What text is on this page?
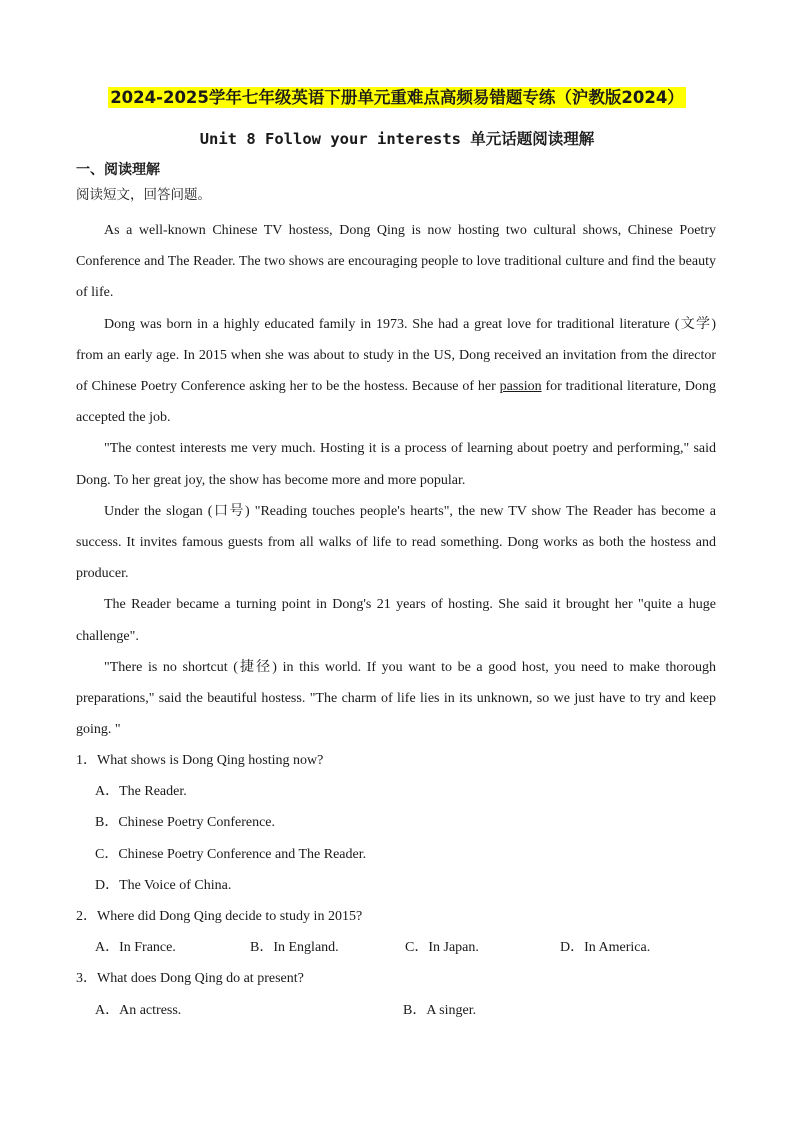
2024-2025学年七年级英语下册单元重难点高频易错题专练（沪教版2024）
Unit 8 Follow your interests 单元话题阅读理解
一、阅读理解
阅读短文，回答问题。

As a well-known Chinese TV hostess, Dong Qing is now hosting two cultural shows, Chinese Poetry Conference and The Reader. The two shows are encouraging people to love traditional culture and find the beauty of life.

Dong was born in a highly educated family in 1973. She had a great love for traditional literature (文学) from an early age. In 2015 when she was about to study in the US, Dong received an invitation from the director of Chinese Poetry Conference asking her to be the hostess. Because of her passion for traditional literature, Dong accepted the job.

"The contest interests me very much. Hosting it is a process of learning about poetry and performing," said Dong. To her great joy, the show has become more and more popular.

Under the slogan (口号) "Reading touches people's hearts", the new TV show The Reader has become a success. It invites famous guests from all walks of life to read something. Dong works as both the hostess and producer.

The Reader became a turning point in Dong's 21 years of hosting. She said it brought her "quite a huge challenge".

"There is no shortcut (捷径) in this world. If you want to be a good host, you need to make thorough preparations," said the beautiful hostess. "The charm of life lies in its unknown, so we just have to try and keep going. "

1．What shows is Dong Qing hosting now?

A．The Reader.

B．Chinese Poetry Conference.

C．Chinese Poetry Conference and The Reader.

D．The Voice of China.

2．Where did Dong Qing decide to study in 2015?

A．In France.	B．In England.	C．In Japan.	D．In America.

3．What does Dong Qing do at present?

A．An actress.	B．A singer.
